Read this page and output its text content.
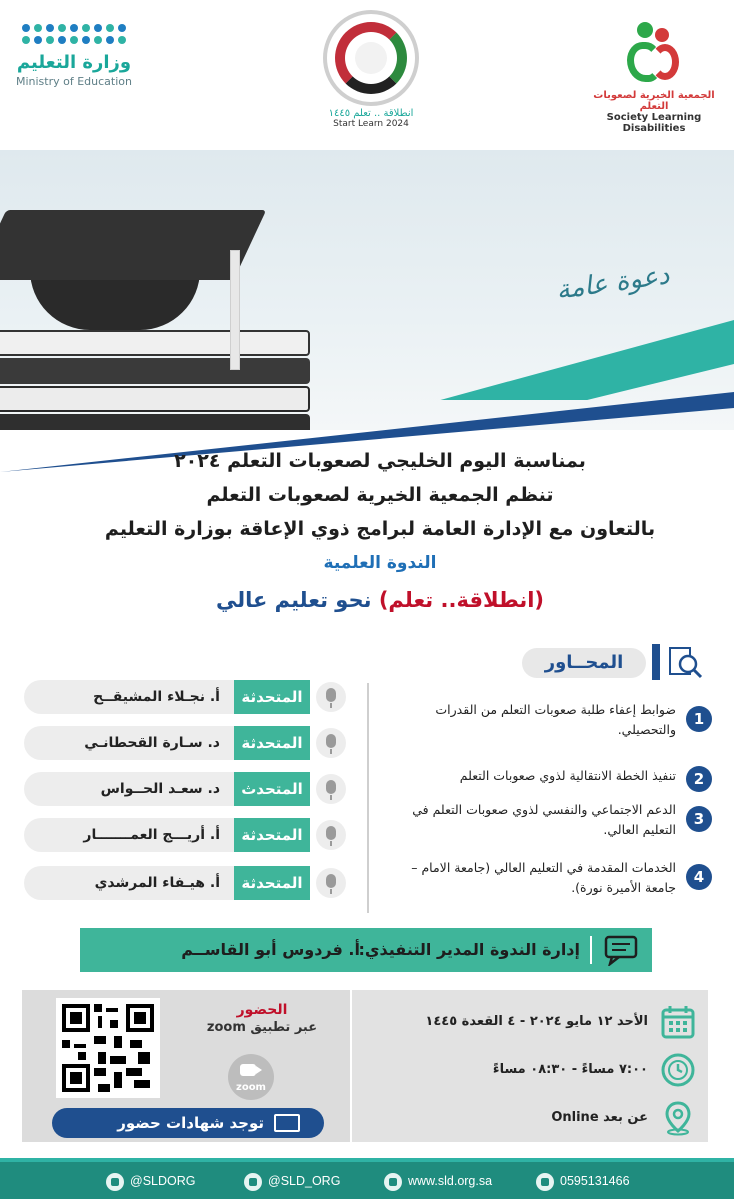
وزارة التعليم
Ministry of Education
انطلاقة .. تعلم ١٤٤٥
Start Learn 2024
الجمعية الخيرية لصعوبات التعلم
Society Learning Disabilities
دعوة عامة
بمناسبة اليوم الخليجي لصعوبات التعلم ٢٠٢٤
تنظم الجمعية الخيرية لصعوبات التعلم
بالتعاون مع الإدارة العامة لبرامج ذوي الإعاقة بوزارة التعليم
الندوة العلمية
(انطلاقة.. تعلم) نحو تعليم عالي
المحــاور
1
ضوابط إعفاء طلبة صعوبات التعلم من القدرات والتحصيلي.
2
تنفيذ الخطة الانتقالية لذوي صعوبات التعلم
3
الدعم الاجتماعي والنفسي لذوي صعوبات التعلم في التعليم العالي.
4
الخدمات المقدمة في التعليم العالي (جامعة الامام –جامعة الأميرة نورة).
أ. نجـلاء المشيقــح	المتحدثة
د. سـارة القحطانـي	المتحدثة
د. سعـد الحــواس	المتحدث
أ. أريـــج العمـــــــار	المتحدثة
أ. هيـفاء المرشدي	المتحدثة
إدارة الندوة المدير التنفيذي:
أ. فردوس أبو القاســم
الحضور
عبر تطبيق zoom
zoom
توجد شهادات حضور
الأحد ١٢ مايو ٢٠٢٤ - ٤ القعدة ١٤٤٥
٧:٠٠ مساءً - ٠٨:٣٠ مساءً
عن بعد Online
@SLDORG	@SLD_ORG	www.sld.org.sa	0595131466
